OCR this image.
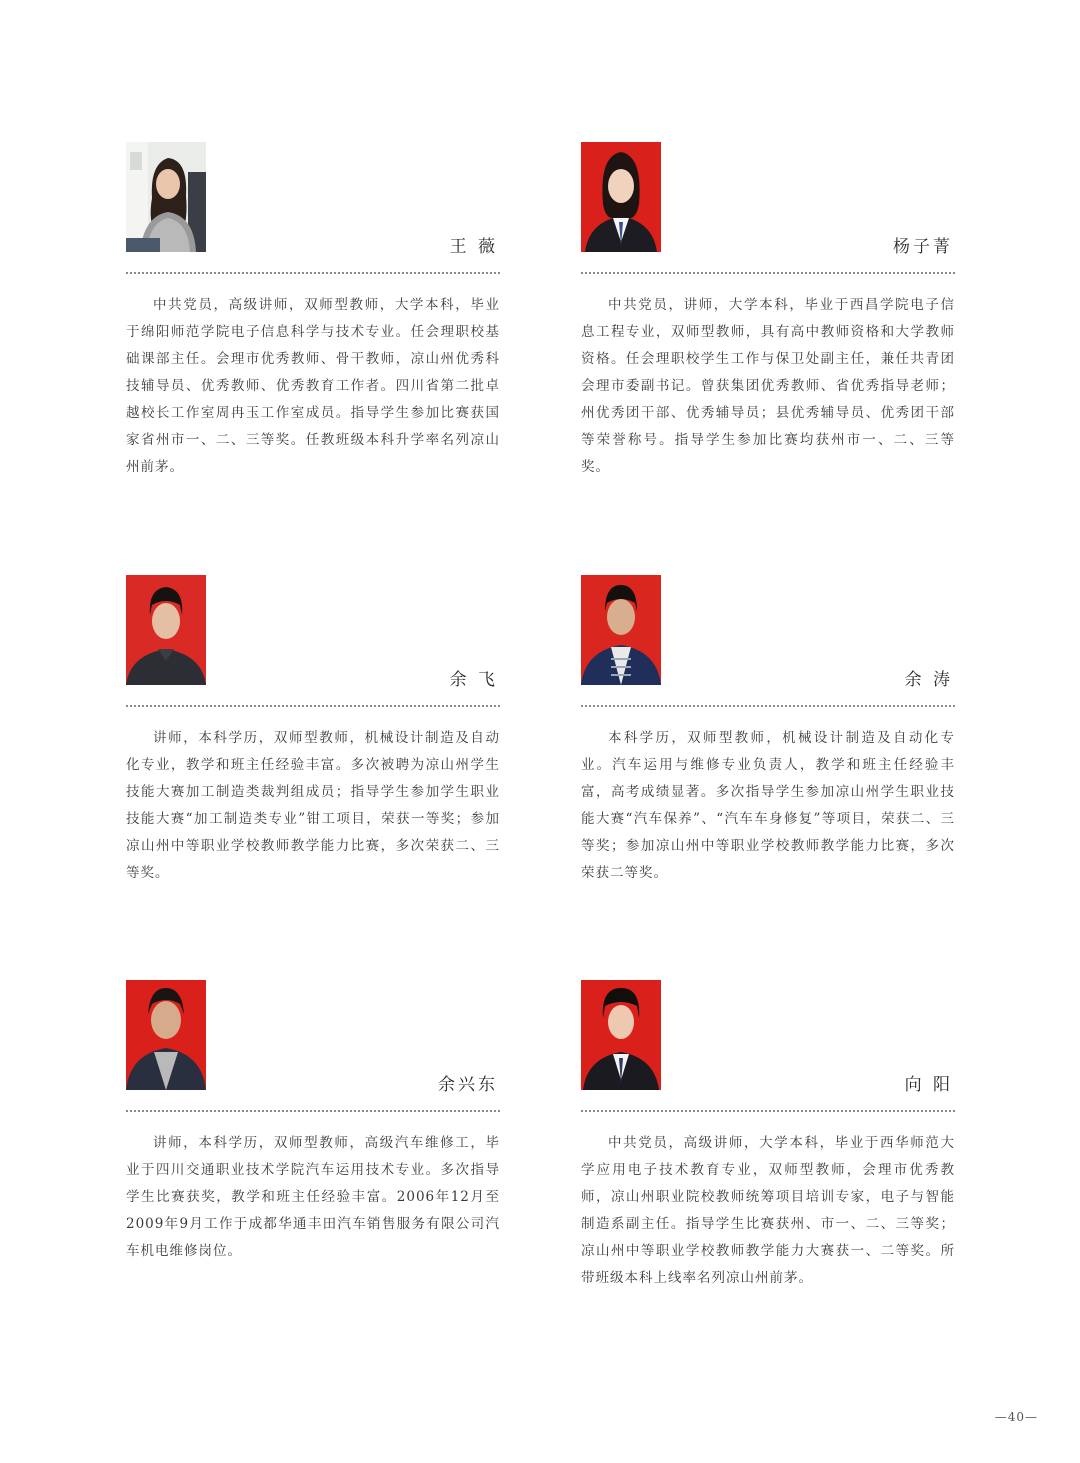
王 薇

中共党员，高级讲师，双师型教师，大学本科，毕业于绵阳师范学院电子信息科学与技术专业。任会理职校基础课部主任。会理市优秀教师、骨干教师，凉山州优秀科技辅导员、优秀教师、优秀教育工作者。四川省第二批卓越校长工作室周冉玉工作室成员。指导学生参加比赛获国家省州市一、二、三等奖。任教班级本科升学率名列凉山州前茅。

杨子菁

中共党员，讲师，大学本科，毕业于西昌学院电子信息工程专业，双师型教师，具有高中教师资格和大学教师资格。任会理职校学生工作与保卫处副主任，兼任共青团会理市委副书记。曾获集团优秀教师、省优秀指导老师；州优秀团干部、优秀辅导员；县优秀辅导员、优秀团干部等荣誉称号。指导学生参加比赛均获州市一、二、三等奖。

余 飞

讲师，本科学历，双师型教师，机械设计制造及自动化专业，教学和班主任经验丰富。多次被聘为凉山州学生技能大赛加工制造类裁判组成员；指导学生参加学生职业技能大赛“加工制造类专业”钳工项目，荣获一等奖；参加凉山州中等职业学校教师教学能力比赛，多次荣获二、三等奖。

余 涛

本科学历，双师型教师，机械设计制造及自动化专业。汽车运用与维修专业负责人，教学和班主任经验丰富，高考成绩显著。多次指导学生参加凉山州学生职业技能大赛“汽车保养”、“汽车车身修复”等项目，荣获二、三等奖；参加凉山州中等职业学校教师教学能力比赛，多次荣获二等奖。

余兴东

讲师，本科学历，双师型教师，高级汽车维修工，毕业于四川交通职业技术学院汽车运用技术专业。多次指导学生比赛获奖，教学和班主任经验丰富。2006年12月至2009年9月工作于成都华通丰田汽车销售服务有限公司汽车机电维修岗位。

向 阳

中共党员，高级讲师，大学本科，毕业于西华师范大学应用电子技术教育专业，双师型教师，会理市优秀教师，凉山州职业院校教师统筹项目培训专家，电子与智能制造系副主任。指导学生比赛获州、市一、二、三等奖；凉山州中等职业学校教师教学能力大赛获一、二等奖。所带班级本科上线率名列凉山州前茅。

—40—
